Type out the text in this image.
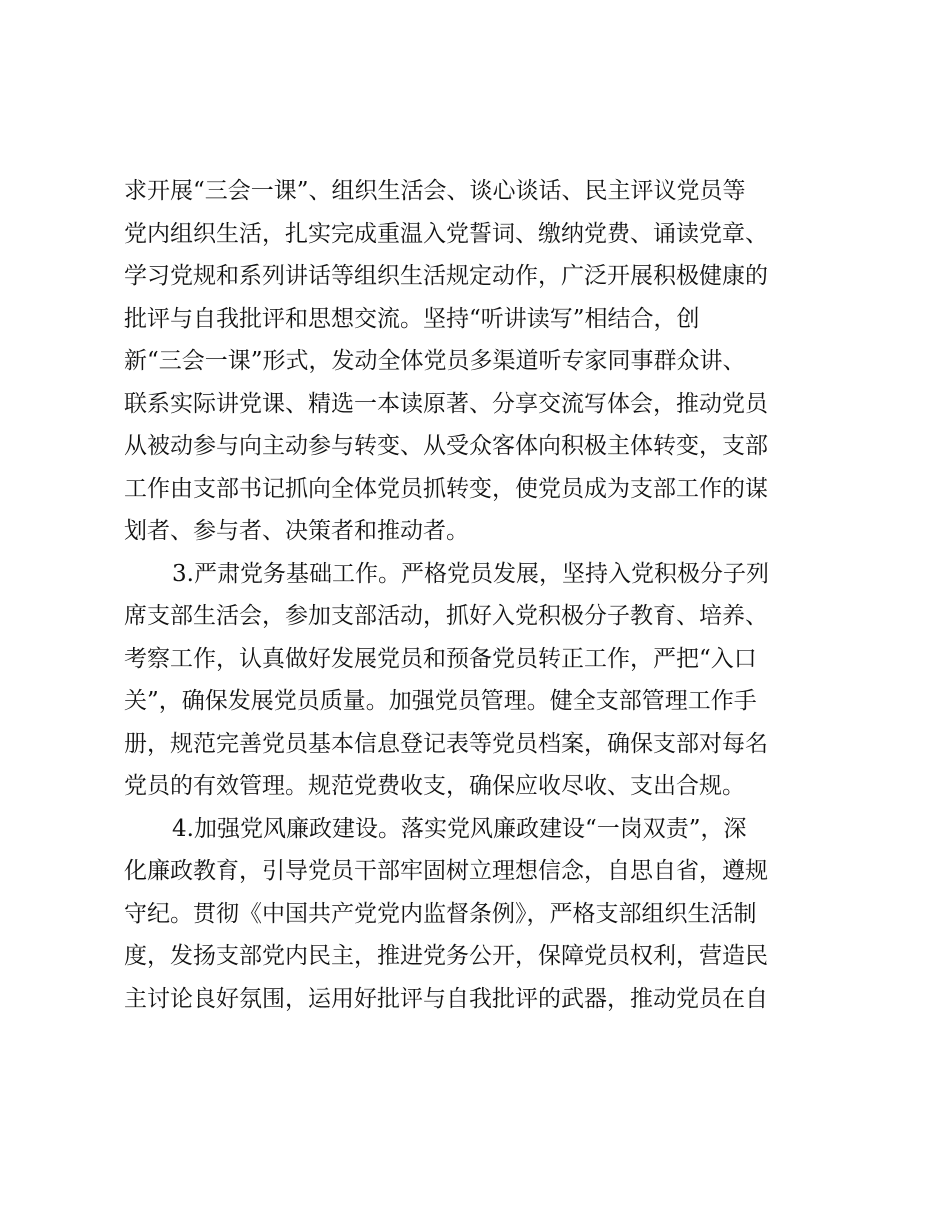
求开展“三会一课”、组织生活会、谈心谈话、民主评议党员等
党内组织生活，扎实完成重温入党誓词、缴纳党费、诵读党章、
学习党规和系列讲话等组织生活规定动作，广泛开展积极健康的
批评与自我批评和思想交流。坚持“听讲读写”相结合，创
新“三会一课”形式，发动全体党员多渠道听专家同事群众讲、
联系实际讲党课、精选一本读原著、分享交流写体会，推动党员
从被动参与向主动参与转变、从受众客体向积极主体转变，支部
工作由支部书记抓向全体党员抓转变，使党员成为支部工作的谋
划者、参与者、决策者和推动者。
3.严肃党务基础工作。严格党员发展，坚持入党积极分子列
席支部生活会，参加支部活动，抓好入党积极分子教育、培养、
考察工作，认真做好发展党员和预备党员转正工作，严把“入口
关”，确保发展党员质量。加强党员管理。健全支部管理工作手
册，规范完善党员基本信息登记表等党员档案，确保支部对每名
党员的有效管理。规范党费收支，确保应收尽收、支出合规。
4.加强党风廉政建设。落实党风廉政建设“一岗双责”，深
化廉政教育，引导党员干部牢固树立理想信念，自思自省，遵规
守纪。贯彻《中国共产党党内监督条例》，严格支部组织生活制
度，发扬支部党内民主，推进党务公开，保障党员权利，营造民
主讨论良好氛围，运用好批评与自我批评的武器，推动党员在自
